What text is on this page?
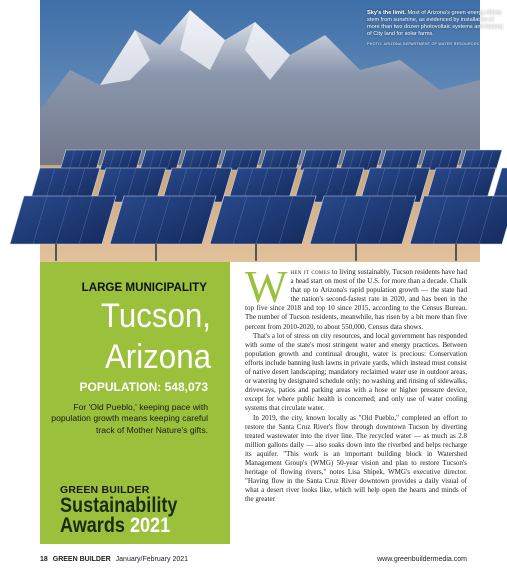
Sky's the limit. Most of Arizona's green energy efforts stem from sunshine, as evidenced by installation of more than two dozen photovoltaic systems and leasing of City land for solar farms.
PHOTO: ARIZONA DEPARTMENT OF WATER RESOURCES
LARGE MUNICIPALITY
Tucson,
Arizona
POPULATION: 548,073
For 'Old Pueblo,' keeping pace with population growth means keeping careful track of Mother Nature's gifts.
GREEN BUILDER
Sustainability
Awards 2021

When it comes to living sustainably, Tucson residents have had a head start on most of the U.S. for more than a decade. Chalk that up to Arizona's rapid population growth — the state had the nation's second-fastest rate in 2020, and has been in the top five since 2018 and top 10 since 2015, according to the Census Bureau. The number of Tucson residents, meanwhile, has risen by a bit more than five percent from 2010-2020, to about 550,000, Census data shows.

That's a lot of stress on city resources, and local government has responded with some of the state's most stringent water and energy practices. Between population growth and continual drought, water is precious: Conservation efforts include banning lush lawns in private yards, which instead must consist of native desert landscaping; mandatory reclaimed water use in outdoor areas, or watering by designated schedule only; no washing and rinsing of sidewalks, driveways, patios and parking areas with a hose or higher pressure device, except for where public health is concerned; and only use of water cooling systems that circulate water.

In 2019, the city, known locally as "Old Pueblo," completed an effort to restore the Santa Cruz River's flow through downtown Tucson by diverting treated wastewater into the river line. The recycled water — as much as 2.8 million gallons daily — also soaks down into the riverbed and helps recharge its aquifer. "This work is an important building block in Watershed Management Group's (WMG) 50-year vision and plan to restore Tucson's heritage of flowing rivers," notes Lisa Shipek, WMG's executive director. "Having flow in the Santa Cruz River downtown provides a daily visual of what a desert river looks like, which will help open the hearts and minds of the greater

18 GREEN BUILDER January/February 2021	www.greenbuildermedia.com
